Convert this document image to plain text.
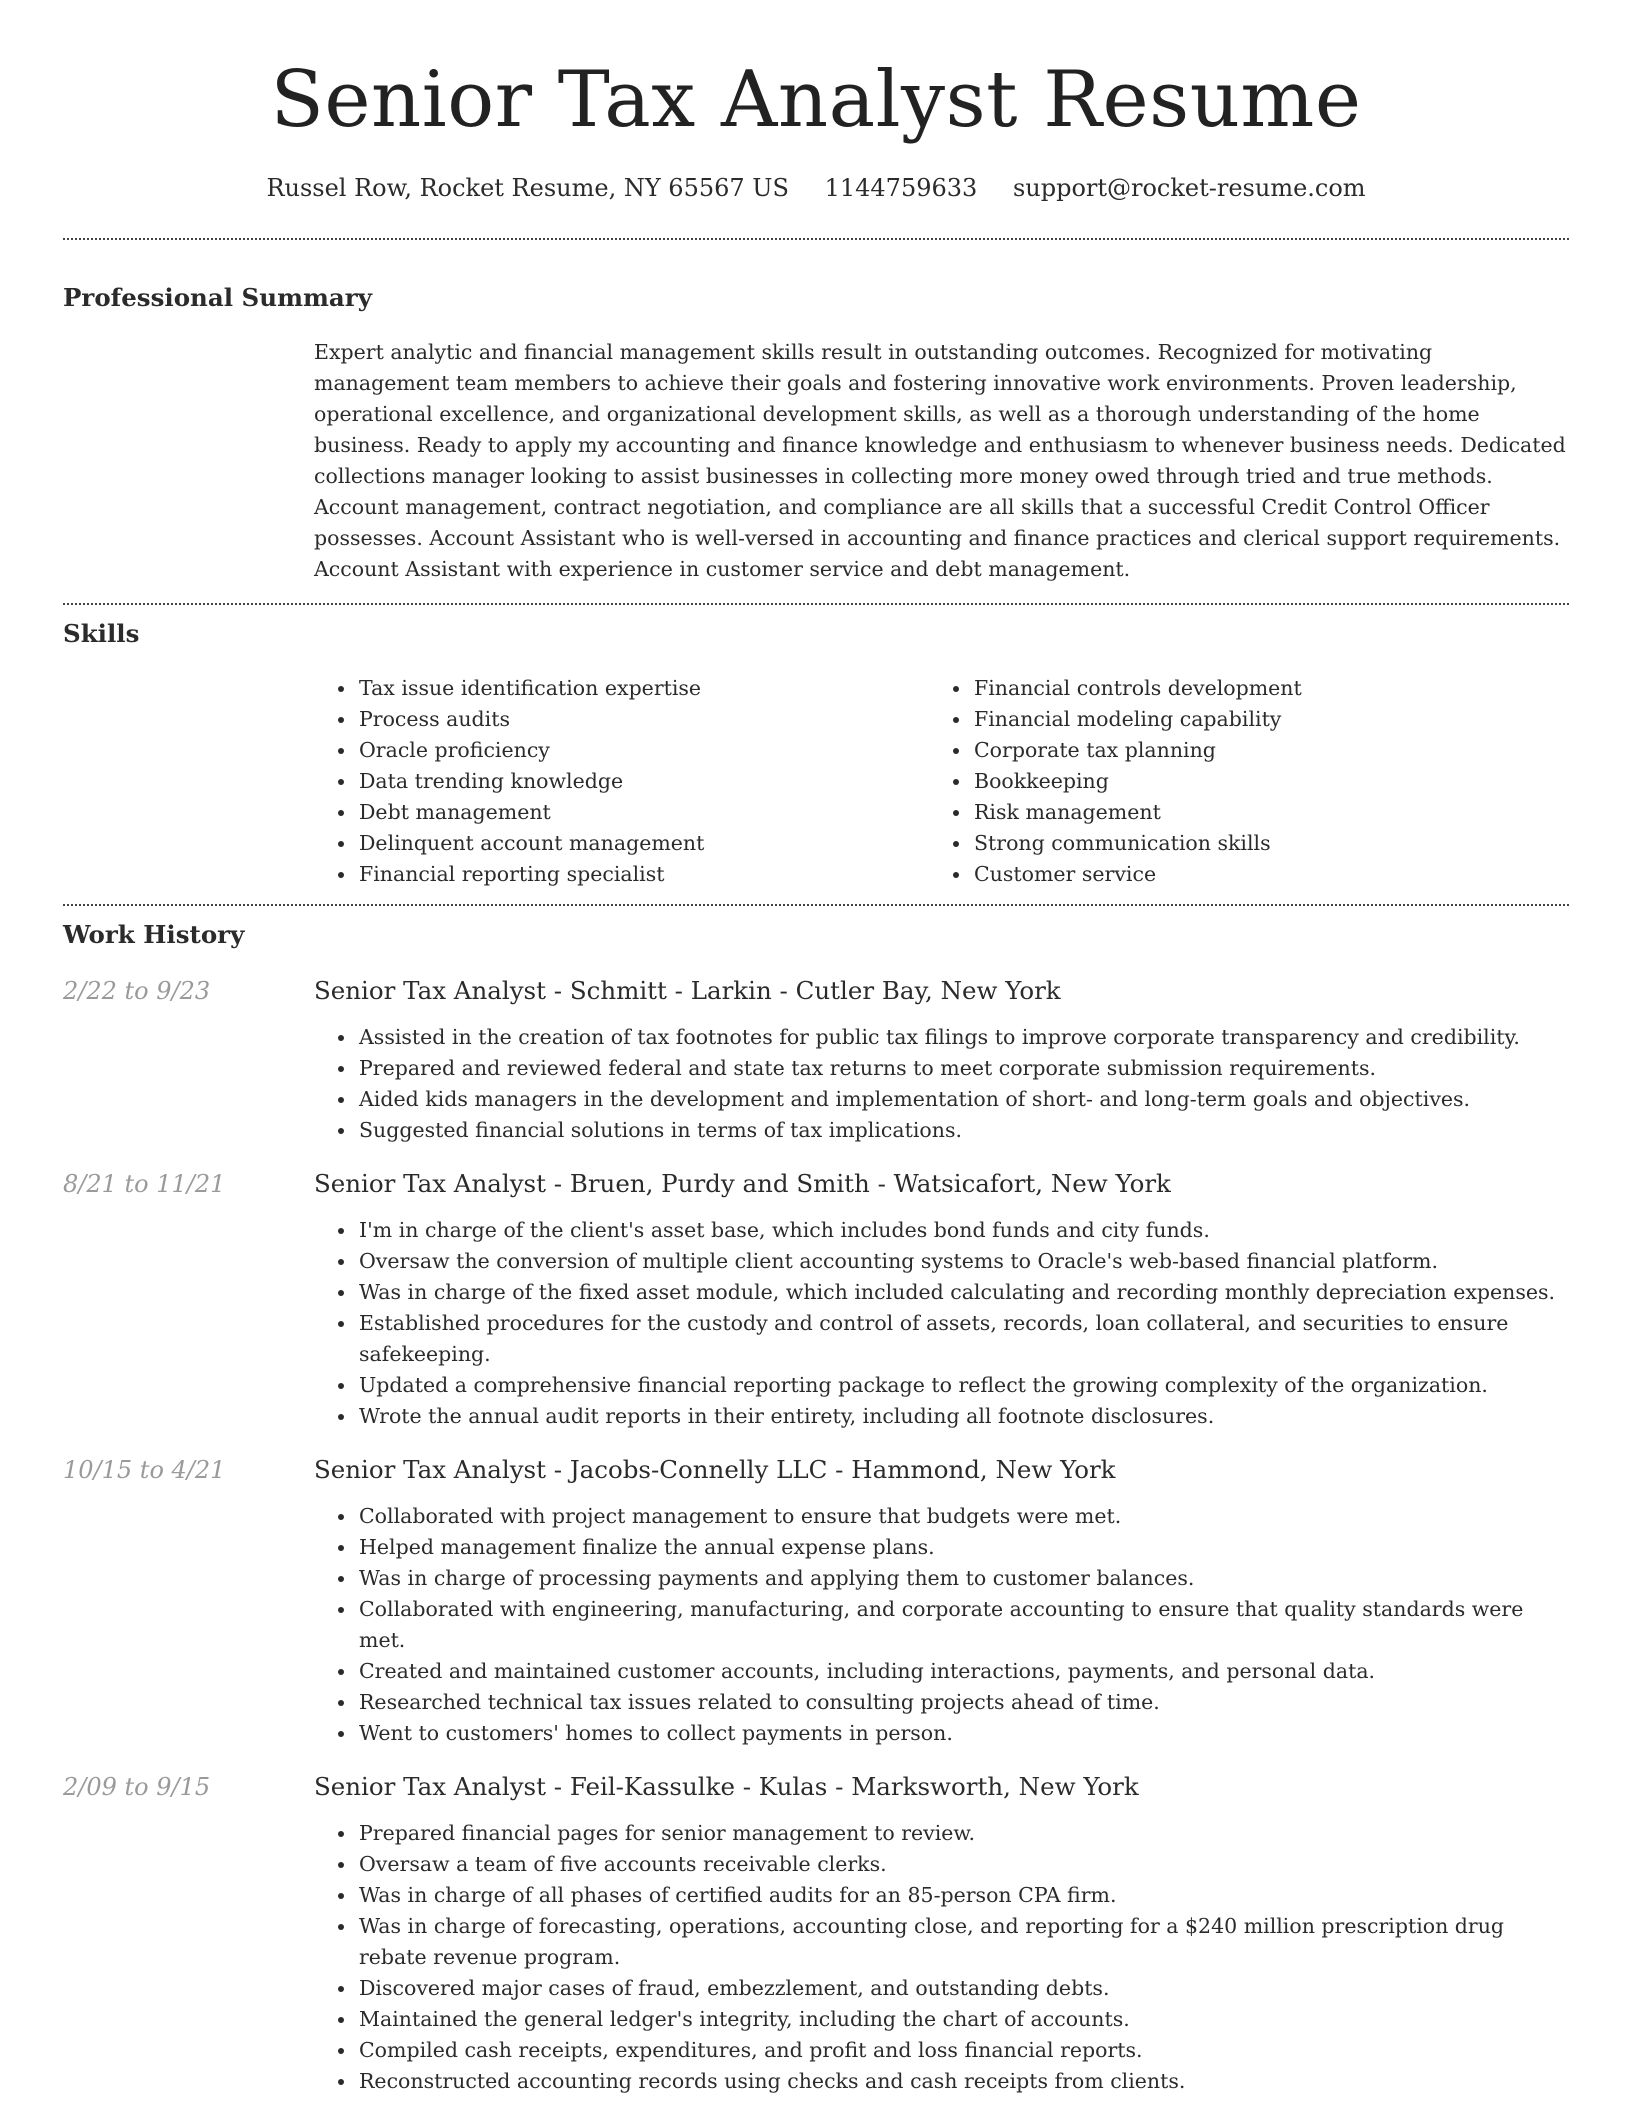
Senior Tax Analyst Resume
Russel Row, Rocket Resume, NY 65567 US 1144759633 support@rocket-resume.com
Professional Summary
Expert analytic and financial management skills result in outstanding outcomes. Recognized for motivating management team members to achieve their goals and fostering innovative work environments. Proven leadership, operational excellence, and organizational development skills, as well as a thorough understanding of the home business. Ready to apply my accounting and finance knowledge and enthusiasm to whenever business needs. Dedicated collections manager looking to assist businesses in collecting more money owed through tried and true methods. Account management, contract negotiation, and compliance are all skills that a successful Credit Control Officer possesses. Account Assistant who is well-versed in accounting and finance practices and clerical support requirements. Account Assistant with experience in customer service and debt management.
Skills
• Tax issue identification expertise
• Process audits
• Oracle proficiency
• Data trending knowledge
• Debt management
• Delinquent account management
• Financial reporting specialist
• Financial controls development
• Financial modeling capability
• Corporate tax planning
• Bookkeeping
• Risk management
• Strong communication skills
• Customer service
Work History
2/22 to 9/23	Senior Tax Analyst - Schmitt - Larkin - Cutler Bay, New York
• Assisted in the creation of tax footnotes for public tax filings to improve corporate transparency and credibility.
• Prepared and reviewed federal and state tax returns to meet corporate submission requirements.
• Aided kids managers in the development and implementation of short- and long-term goals and objectives.
• Suggested financial solutions in terms of tax implications.
8/21 to 11/21	Senior Tax Analyst - Bruen, Purdy and Smith - Watsicafort, New York
• I'm in charge of the client's asset base, which includes bond funds and city funds.
• Oversaw the conversion of multiple client accounting systems to Oracle's web-based financial platform.
• Was in charge of the fixed asset module, which included calculating and recording monthly depreciation expenses.
• Established procedures for the custody and control of assets, records, loan collateral, and securities to ensure safekeeping.
• Updated a comprehensive financial reporting package to reflect the growing complexity of the organization.
• Wrote the annual audit reports in their entirety, including all footnote disclosures.
10/15 to 4/21	Senior Tax Analyst - Jacobs-Connelly LLC - Hammond, New York
• Collaborated with project management to ensure that budgets were met.
• Helped management finalize the annual expense plans.
• Was in charge of processing payments and applying them to customer balances.
• Collaborated with engineering, manufacturing, and corporate accounting to ensure that quality standards were met.
• Created and maintained customer accounts, including interactions, payments, and personal data.
• Researched technical tax issues related to consulting projects ahead of time.
• Went to customers' homes to collect payments in person.
2/09 to 9/15	Senior Tax Analyst - Feil-Kassulke - Kulas - Marksworth, New York
• Prepared financial pages for senior management to review.
• Oversaw a team of five accounts receivable clerks.
• Was in charge of all phases of certified audits for an 85-person CPA firm.
• Was in charge of forecasting, operations, accounting close, and reporting for a $240 million prescription drug rebate revenue program.
• Discovered major cases of fraud, embezzlement, and outstanding debts.
• Maintained the general ledger's integrity, including the chart of accounts.
• Compiled cash receipts, expenditures, and profit and loss financial reports.
• Reconstructed accounting records using checks and cash receipts from clients.
